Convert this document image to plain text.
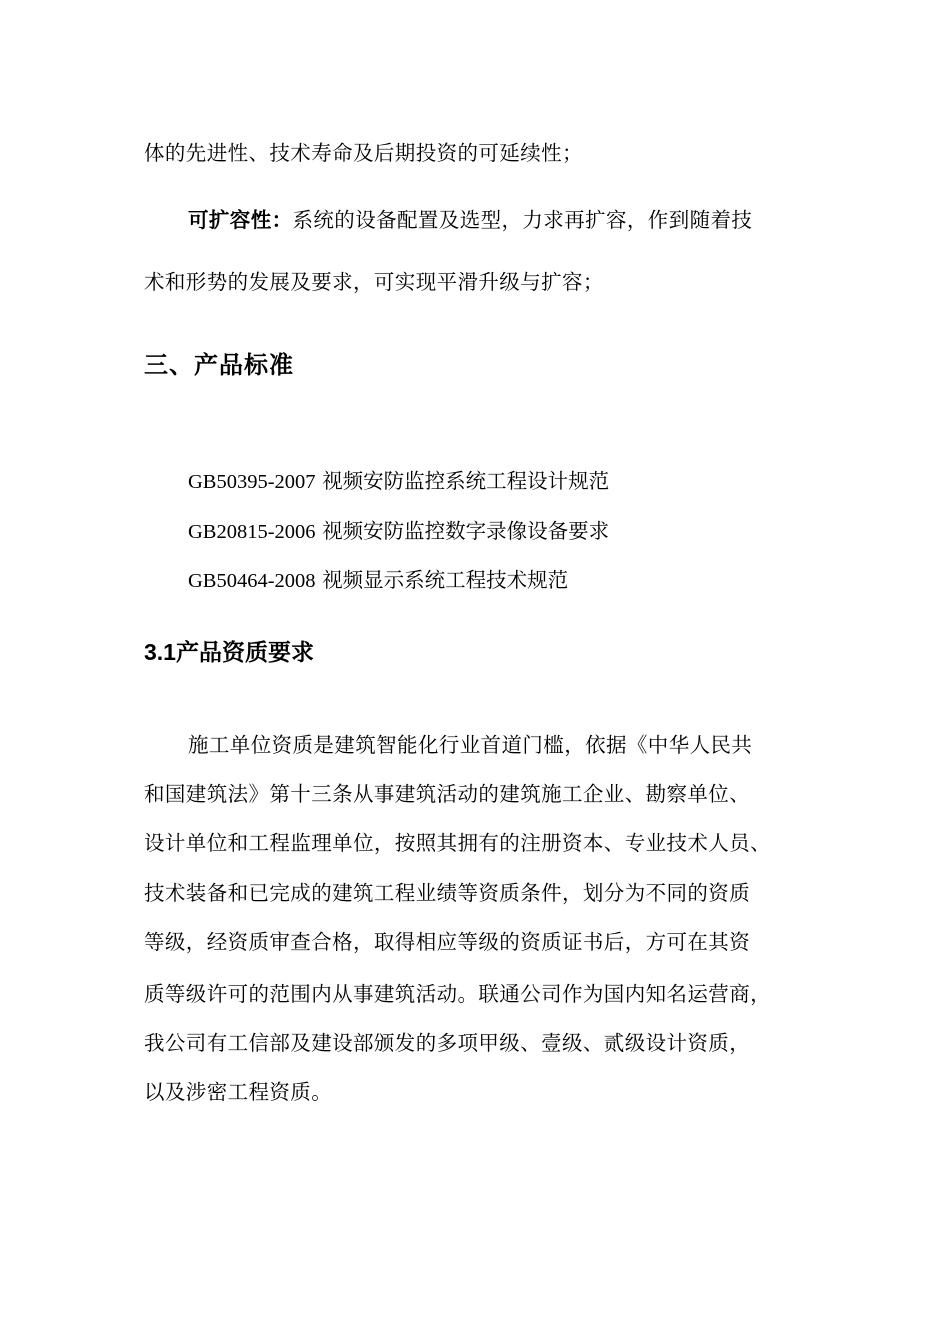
体的先进性、技术寿命及后期投资的可延续性；
可扩容性：系统的设备配置及选型，力求再扩容，作到随着技
术和形势的发展及要求，可实现平滑升级与扩容；
三、产品标准
GB50395-2007 视频安防监控系统工程设计规范
GB20815-2006 视频安防监控数字录像设备要求
GB50464-2008 视频显示系统工程技术规范
3.1产品资质要求
施工单位资质是建筑智能化行业首道门槛，依据《中华人民共
和国建筑法》第十三条从事建筑活动的建筑施工企业、勘察单位、
设计单位和工程监理单位，按照其拥有的注册资本、专业技术人员、
技术装备和已完成的建筑工程业绩等资质条件，划分为不同的资质
等级，经资质审查合格，取得相应等级的资质证书后，方可在其资
质等级许可的范围内从事建筑活动。联通公司作为国内知名运营商，
我公司有工信部及建设部颁发的多项甲级、壹级、贰级设计资质，
以及涉密工程资质。
